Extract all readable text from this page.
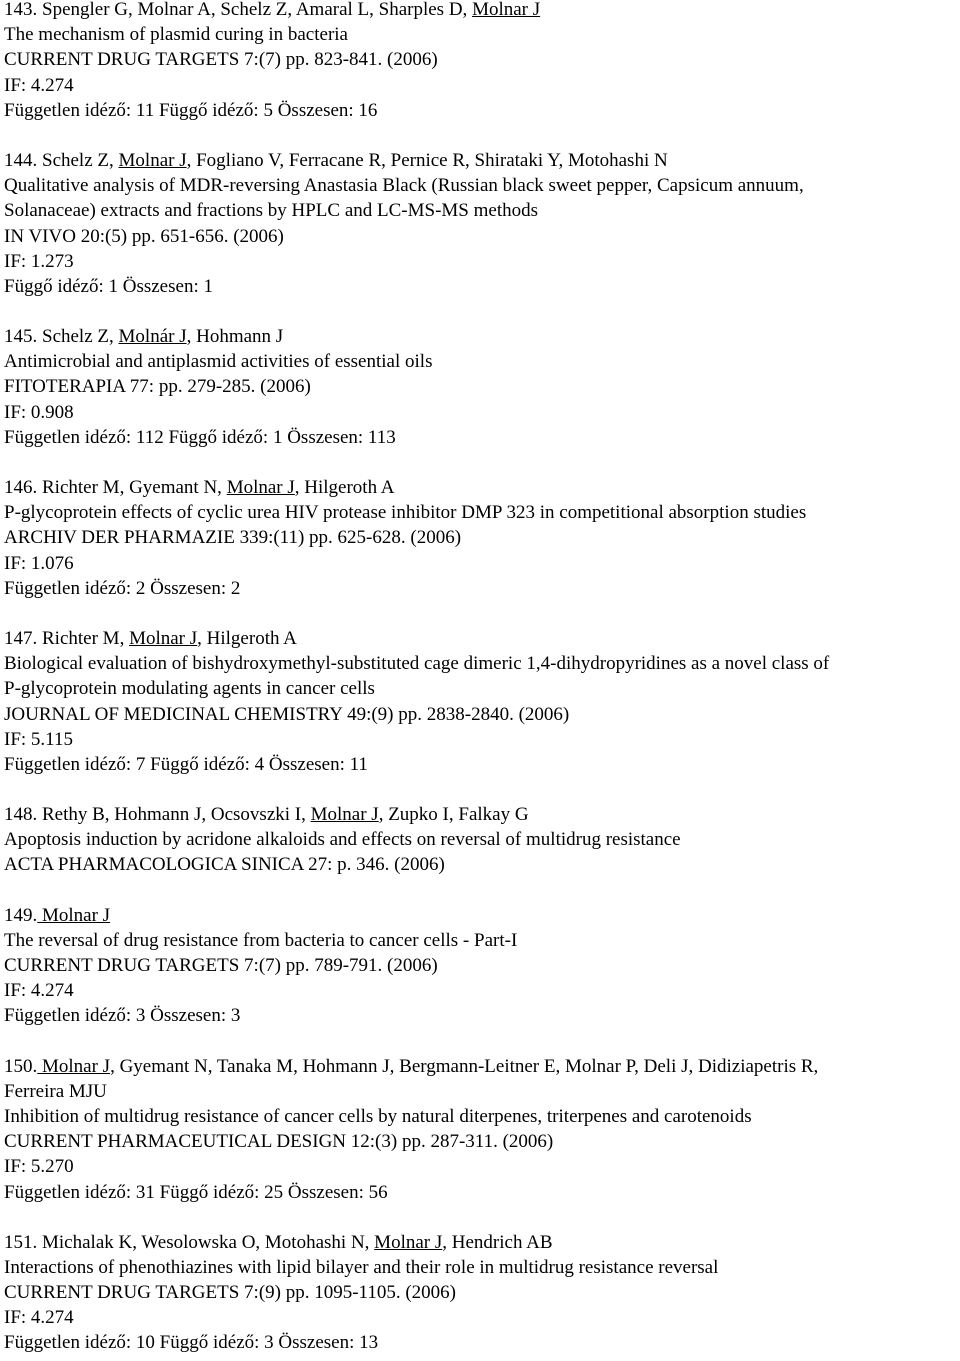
143. Spengler G, Molnar A, Schelz Z, Amaral L, Sharples D, Molnar J
The mechanism of plasmid curing in bacteria
CURRENT DRUG TARGETS 7:(7) pp. 823-841. (2006)
IF: 4.274
Független idéző: 11 Függő idéző: 5 Összesen: 16
144. Schelz Z, Molnar J, Fogliano V, Ferracane R, Pernice R, Shirataki Y, Motohashi N
Qualitative analysis of MDR-reversing Anastasia Black (Russian black sweet pepper, Capsicum annuum,
Solanaceae) extracts and fractions by HPLC and LC-MS-MS methods
IN VIVO 20:(5) pp. 651-656. (2006)
IF: 1.273
Függő idéző: 1 Összesen: 1
145. Schelz Z, Molnár J, Hohmann J
Antimicrobial and antiplasmid activities of essential oils
FITOTERAPIA 77: pp. 279-285. (2006)
IF: 0.908
Független idéző: 112 Függő idéző: 1 Összesen: 113
146. Richter M, Gyemant N, Molnar J, Hilgeroth A
P-glycoprotein effects of cyclic urea HIV protease inhibitor DMP 323 in competitional absorption studies
ARCHIV DER PHARMAZIE 339:(11) pp. 625-628. (2006)
IF: 1.076
Független idéző: 2 Összesen: 2
147. Richter M, Molnar J, Hilgeroth A
Biological evaluation of bishydroxymethyl-substituted cage dimeric 1,4-dihydropyridines as a novel class of
P-glycoprotein modulating agents in cancer cells
JOURNAL OF MEDICINAL CHEMISTRY 49:(9) pp. 2838-2840. (2006)
IF: 5.115
Független idéző: 7 Függő idéző: 4 Összesen: 11
148. Rethy B, Hohmann J, Ocsovszki I, Molnar J, Zupko I, Falkay G
Apoptosis induction by acridone alkaloids and effects on reversal of multidrug resistance
ACTA PHARMACOLOGICA SINICA 27: p. 346. (2006)
149. Molnar J
The reversal of drug resistance from bacteria to cancer cells - Part-I
CURRENT DRUG TARGETS 7:(7) pp. 789-791. (2006)
IF: 4.274
Független idéző: 3 Összesen: 3
150. Molnar J, Gyemant N, Tanaka M, Hohmann J, Bergmann-Leitner E, Molnar P, Deli J, Didiziapetris R,
Ferreira MJU
Inhibition of multidrug resistance of cancer cells by natural diterpenes, triterpenes and carotenoids
CURRENT PHARMACEUTICAL DESIGN 12:(3) pp. 287-311. (2006)
IF: 5.270
Független idéző: 31 Függő idéző: 25 Összesen: 56
151. Michalak K, Wesolowska O, Motohashi N, Molnar J, Hendrich AB
Interactions of phenothiazines with lipid bilayer and their role in multidrug resistance reversal
CURRENT DRUG TARGETS 7:(9) pp. 1095-1105. (2006)
IF: 4.274
Független idéző: 10 Függő idéző: 3 Összesen: 13
